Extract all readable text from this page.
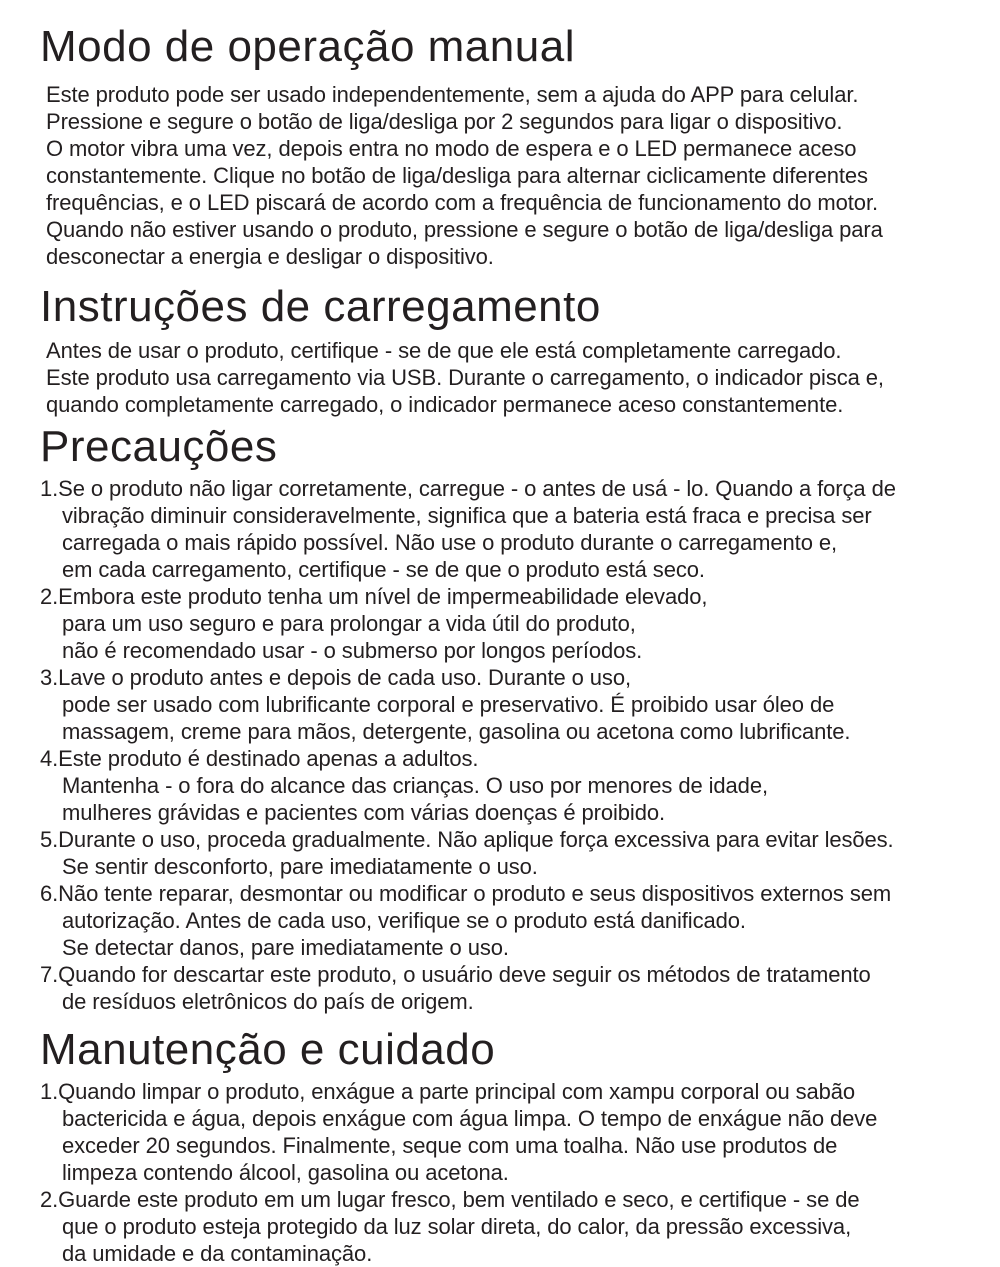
Modo de operação manual
Este produto pode ser usado independentemente, sem a ajuda do APP para celular.
Pressione e segure o botão de liga/desliga por 2 segundos para ligar o dispositivo.
O motor vibra uma vez, depois entra no modo de espera e o LED permanece aceso
constantemente. Clique no botão de liga/desliga para alternar ciclicamente diferentes
frequências, e o LED piscará de acordo com a frequência de funcionamento do motor.
Quando não estiver usando o produto, pressione e segure o botão de liga/desliga para
desconectar a energia e desligar o dispositivo.
Instruções de carregamento
Antes de usar o produto, certifique - se de que ele está completamente carregado.
Este produto usa carregamento via USB. Durante o carregamento, o indicador pisca e,
quando completamente carregado, o indicador permanece aceso constantemente.
Precauções
1.Se o produto não ligar corretamente, carregue - o antes de usá - lo. Quando a força de
vibração diminuir consideravelmente, significa que a bateria está fraca e precisa ser
carregada o mais rápido possível. Não use o produto durante o carregamento e,
em cada carregamento, certifique - se de que o produto está seco.
2.Embora este produto tenha um nível de impermeabilidade elevado,
para um uso seguro e para prolongar a vida útil do produto,
não é recomendado usar - o submerso por longos períodos.
3.Lave o produto antes e depois de cada uso. Durante o uso,
pode ser usado com lubrificante corporal e preservativo. É proibido usar óleo de
massagem, creme para mãos, detergente, gasolina ou acetona como lubrificante.
4.Este produto é destinado apenas a adultos.
Mantenha - o fora do alcance das crianças. O uso por menores de idade,
mulheres grávidas e pacientes com várias doenças é proibido.
5.Durante o uso, proceda gradualmente. Não aplique força excessiva para evitar lesões.
Se sentir desconforto, pare imediatamente o uso.
6.Não tente reparar, desmontar ou modificar o produto e seus dispositivos externos sem
autorização. Antes de cada uso, verifique se o produto está danificado.
Se detectar danos, pare imediatamente o uso.
7.Quando for descartar este produto, o usuário deve seguir os métodos de tratamento
de resíduos eletrônicos do país de origem.
Manutenção e cuidado
1.Quando limpar o produto, enxágue a parte principal com xampu corporal ou sabão
bactericida e água, depois enxágue com água limpa. O tempo de enxágue não deve
exceder 20 segundos. Finalmente, seque com uma toalha. Não use produtos de
limpeza contendo álcool, gasolina ou acetona.
2.Guarde este produto em um lugar fresco, bem ventilado e seco, e certifique - se de
que o produto esteja protegido da luz solar direta, do calor, da pressão excessiva,
da umidade e da contaminação.
